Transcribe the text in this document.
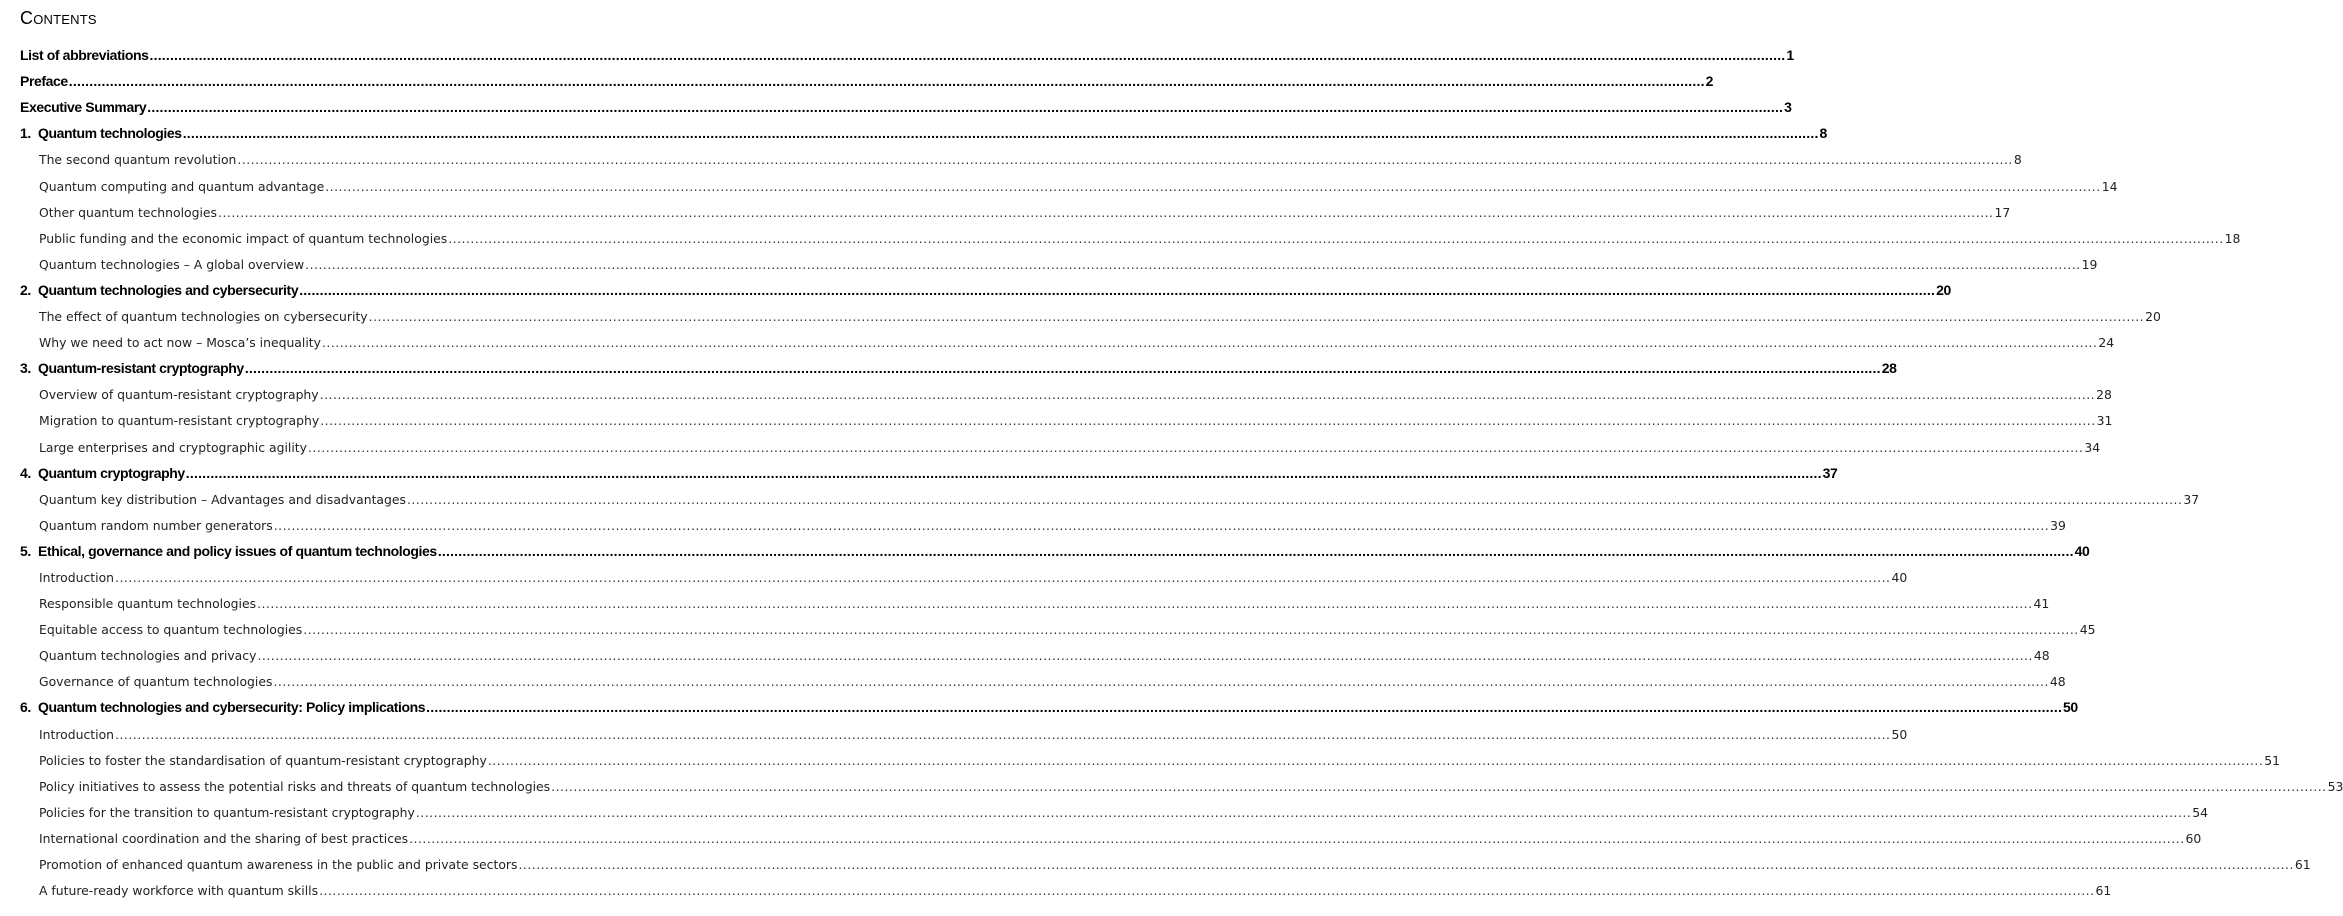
Contents
List of abbreviations ................................................................................................................................................................................................................................................................................................................................................................................................................ 1
Preface ................................................................................................................................................................................................................................................................................................................................................................................................................ 2
Executive Summary ................................................................................................................................................................................................................................................................................................................................................................................................................ 3
1. Quantum technologies ................................................................................................................................................................................................................................................................................................................................................................................................................ 8
The second quantum revolution ................................................................................................................................................................................................................................................................................................................................................................................................................ 8
Quantum computing and quantum advantage ................................................................................................................................................................................................................................................................................................................................................................................................................ 14
Other quantum technologies ................................................................................................................................................................................................................................................................................................................................................................................................................ 17
Public funding and the economic impact of quantum technologies ................................................................................................................................................................................................................................................................................................................................................................................................................ 18
Quantum technologies – A global overview ................................................................................................................................................................................................................................................................................................................................................................................................................ 19
2. Quantum technologies and cybersecurity ................................................................................................................................................................................................................................................................................................................................................................................................................ 20
The effect of quantum technologies on cybersecurity ................................................................................................................................................................................................................................................................................................................................................................................................................ 20
Why we need to act now – Mosca’s inequality ................................................................................................................................................................................................................................................................................................................................................................................................................ 24
3. Quantum-resistant cryptography ................................................................................................................................................................................................................................................................................................................................................................................................................ 28
Overview of quantum-resistant cryptography ................................................................................................................................................................................................................................................................................................................................................................................................................ 28
Migration to quantum-resistant cryptography ................................................................................................................................................................................................................................................................................................................................................................................................................ 31
Large enterprises and cryptographic agility ................................................................................................................................................................................................................................................................................................................................................................................................................ 34
4. Quantum cryptography ................................................................................................................................................................................................................................................................................................................................................................................................................ 37
Quantum key distribution – Advantages and disadvantages ................................................................................................................................................................................................................................................................................................................................................................................................................ 37
Quantum random number generators ................................................................................................................................................................................................................................................................................................................................................................................................................ 39
5. Ethical, governance and policy issues of quantum technologies ................................................................................................................................................................................................................................................................................................................................................................................................................ 40
Introduction ................................................................................................................................................................................................................................................................................................................................................................................................................ 40
Responsible quantum technologies ................................................................................................................................................................................................................................................................................................................................................................................................................ 41
Equitable access to quantum technologies ................................................................................................................................................................................................................................................................................................................................................................................................................ 45
Quantum technologies and privacy ................................................................................................................................................................................................................................................................................................................................................................................................................ 48
Governance of quantum technologies ................................................................................................................................................................................................................................................................................................................................................................................................................ 48
6. Quantum technologies and cybersecurity: Policy implications ................................................................................................................................................................................................................................................................................................................................................................................................................ 50
Introduction ................................................................................................................................................................................................................................................................................................................................................................................................................ 50
Policies to foster the standardisation of quantum-resistant cryptography ................................................................................................................................................................................................................................................................................................................................................................................................................ 51
Policy initiatives to assess the potential risks and threats of quantum technologies ................................................................................................................................................................................................................................................................................................................................................................................................................ 53
Policies for the transition to quantum-resistant cryptography ................................................................................................................................................................................................................................................................................................................................................................................................................ 54
International coordination and the sharing of best practices ................................................................................................................................................................................................................................................................................................................................................................................................................ 60
Promotion of enhanced quantum awareness in the public and private sectors ................................................................................................................................................................................................................................................................................................................................................................................................................ 61
A future-ready workforce with quantum skills ................................................................................................................................................................................................................................................................................................................................................................................................................ 61
